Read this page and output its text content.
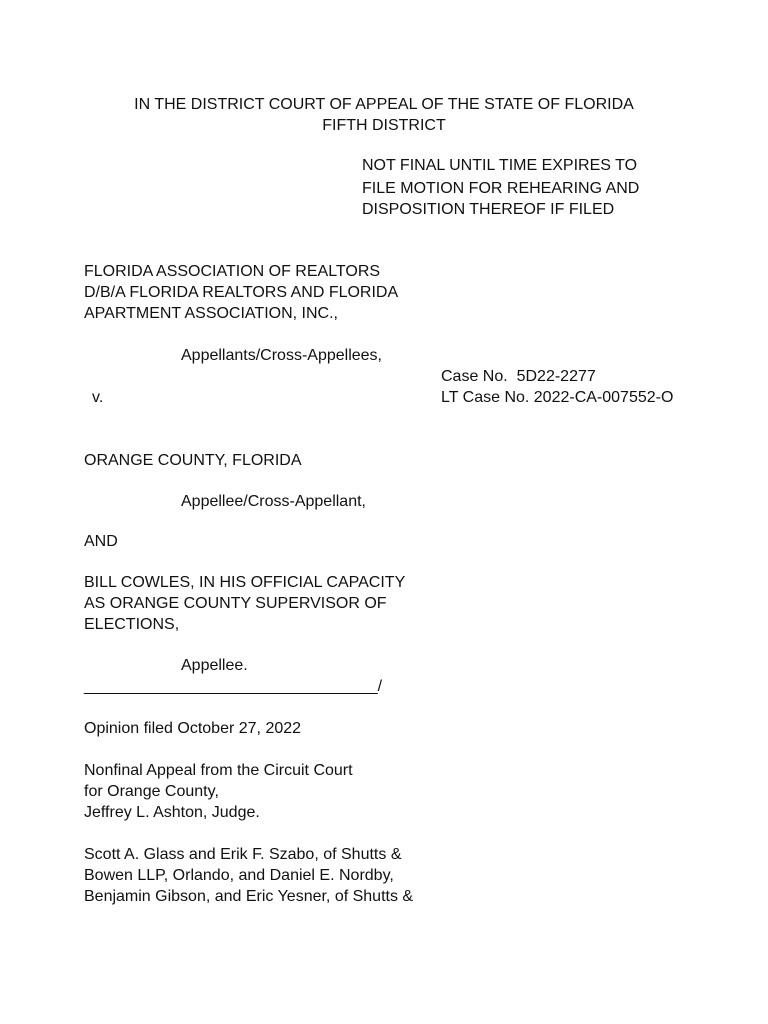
IN THE DISTRICT COURT OF APPEAL OF THE STATE OF FLORIDA
FIFTH DISTRICT
NOT FINAL UNTIL TIME EXPIRES TO
FILE MOTION FOR REHEARING AND
DISPOSITION THEREOF IF FILED
FLORIDA ASSOCIATION OF REALTORS
D/B/A FLORIDA REALTORS AND FLORIDA
APARTMENT ASSOCIATION, INC.,
Appellants/Cross-Appellees,
Case No.  5D22-2277
v.	LT Case No. 2022-CA-007552-O
ORANGE COUNTY, FLORIDA
Appellee/Cross-Appellant,
AND
BILL COWLES, IN HIS OFFICIAL CAPACITY
AS ORANGE COUNTY SUPERVISOR OF
ELECTIONS,
Appellee.
_________________________________/
Opinion filed October 27, 2022
Nonfinal Appeal from the Circuit Court
for Orange County,
Jeffrey L. Ashton, Judge.
Scott A. Glass and Erik F. Szabo, of Shutts &
Bowen LLP, Orlando, and Daniel E. Nordby,
Benjamin Gibson, and Eric Yesner, of Shutts &
